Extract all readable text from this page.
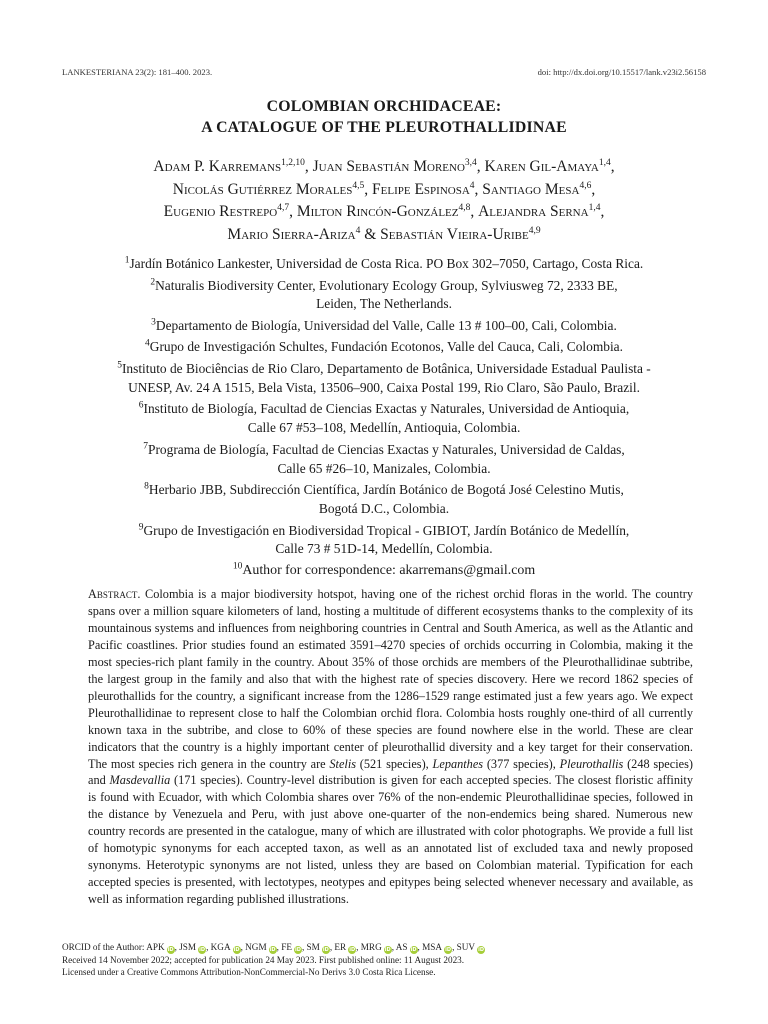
LANKESTERIANA 23(2): 181–400. 2023.	doi: http://dx.doi.org/10.15517/lank.v23i2.56158
COLOMBIAN ORCHIDACEAE:
A CATALOGUE OF THE PLEUROTHALLIDINAE
Adam P. Karremans$^{1,2,10}$, Juan Sebastián Moreno$^{3,4}$, Karen Gil-Amaya$^{1,4}$,
Nicolás Gutiérrez Morales$^{4,5}$, Felipe Espinosa$^4$, Santiago Mesa$^{4,6}$,
Eugenio Restrepo$^{4,7}$, Milton Rincón-González$^{4,8}$, Alejandra Serna$^{1,4}$,
Mario Sierra-Ariza$^4$ & Sebastián Vieira-Uribe$^{4,9}$
$^1$Jardín Botánico Lankester, Universidad de Costa Rica. PO Box 302–7050, Cartago, Costa Rica.
$^2$Naturalis Biodiversity Center, Evolutionary Ecology Group, Sylviusweg 72, 2333 BE,
Leiden, The Netherlands.
$^3$Departamento de Biología, Universidad del Valle, Calle 13 # 100–00, Cali, Colombia.
$^4$Grupo de Investigación Schultes, Fundación Ecotonos, Valle del Cauca, Cali, Colombia.
$^5$Instituto de Biociências de Rio Claro, Departamento de Botânica, Universidade Estadual Paulista -
UNESP, Av. 24 A 1515, Bela Vista, 13506–900, Caixa Postal 199, Rio Claro, São Paulo, Brazil.
$^6$Instituto de Biología, Facultad de Ciencias Exactas y Naturales, Universidad de Antioquia,
Calle 67 #53–108, Medellín, Antioquia, Colombia.
$^7$Programa de Biología, Facultad de Ciencias Exactas y Naturales, Universidad de Caldas,
Calle 65 #26–10, Manizales, Colombia.
$^8$Herbario JBB, Subdirección Científica, Jardín Botánico de Bogotá José Celestino Mutis,
Bogotá D.C., Colombia.
$^9$Grupo de Investigación en Biodiversidad Tropical - GIBIOT, Jardín Botánico de Medellín,
Calle 73 # 51D-14, Medellín, Colombia.
$^{10}$Author for correspondence: akarremans@gmail.com

Abstract. Colombia is a major biodiversity hotspot, having one of the richest orchid floras in the world. The country spans over a million square kilometers of land, hosting a multitude of different ecosystems thanks to the complexity of its mountainous systems and influences from neighboring countries in Central and South America, as well as the Atlantic and Pacific coastlines. Prior studies found an estimated 3591–4270 species of orchids occurring in Colombia, making it the most species-rich plant family in the country. About 35% of those orchids are members of the Pleurothallidinae subtribe, the largest group in the family and also that with the highest rate of species discovery. Here we record 1862 species of pleurothallids for the country, a significant increase from the 1286–1529 range estimated just a few years ago. We expect Pleurothallidinae to represent close to half the Colombian orchid flora. Colombia hosts roughly one-third of all currently known taxa in the subtribe, and close to 60% of these species are found nowhere else in the world. These are clear indicators that the country is a highly important center of pleurothallid diversity and a key target for their conservation. The most species rich genera in the country are Stelis (521 species), Lepanthes (377 species), Pleurothallis (248 species) and Masdevallia (171 species). Country-level distribution is given for each accepted species. The closest floristic affinity is found with Ecuador, with which Colombia shares over 76% of the non-endemic Pleurothallidinae species, followed in the distance by Venezuela and Peru, with just above one-quarter of the non-endemics being shared. Numerous new country records are presented in the catalogue, many of which are illustrated with color photographs. We provide a full list of homotypic synonyms for each accepted taxon, as well as an annotated list of excluded taxa and newly proposed synonyms. Heterotypic synonyms are not listed, unless they are based on Colombian material. Typification for each accepted species is presented, with lectotypes, neotypes and epitypes being selected whenever necessary and available, as well as information regarding published illustrations.

ORCID of the Author: APK iD, JSM iD, KGA iD, NGM iD, FE iD, SM iD, ER iD, MRG iD, AS iD, MSA iD, SUV iD
Received 14 November 2022; accepted for publication 24 May 2023. First published online: 11 August 2023.
Licensed under a Creative Commons Attribution-NonCommercial-No Derivs 3.0 Costa Rica License.
